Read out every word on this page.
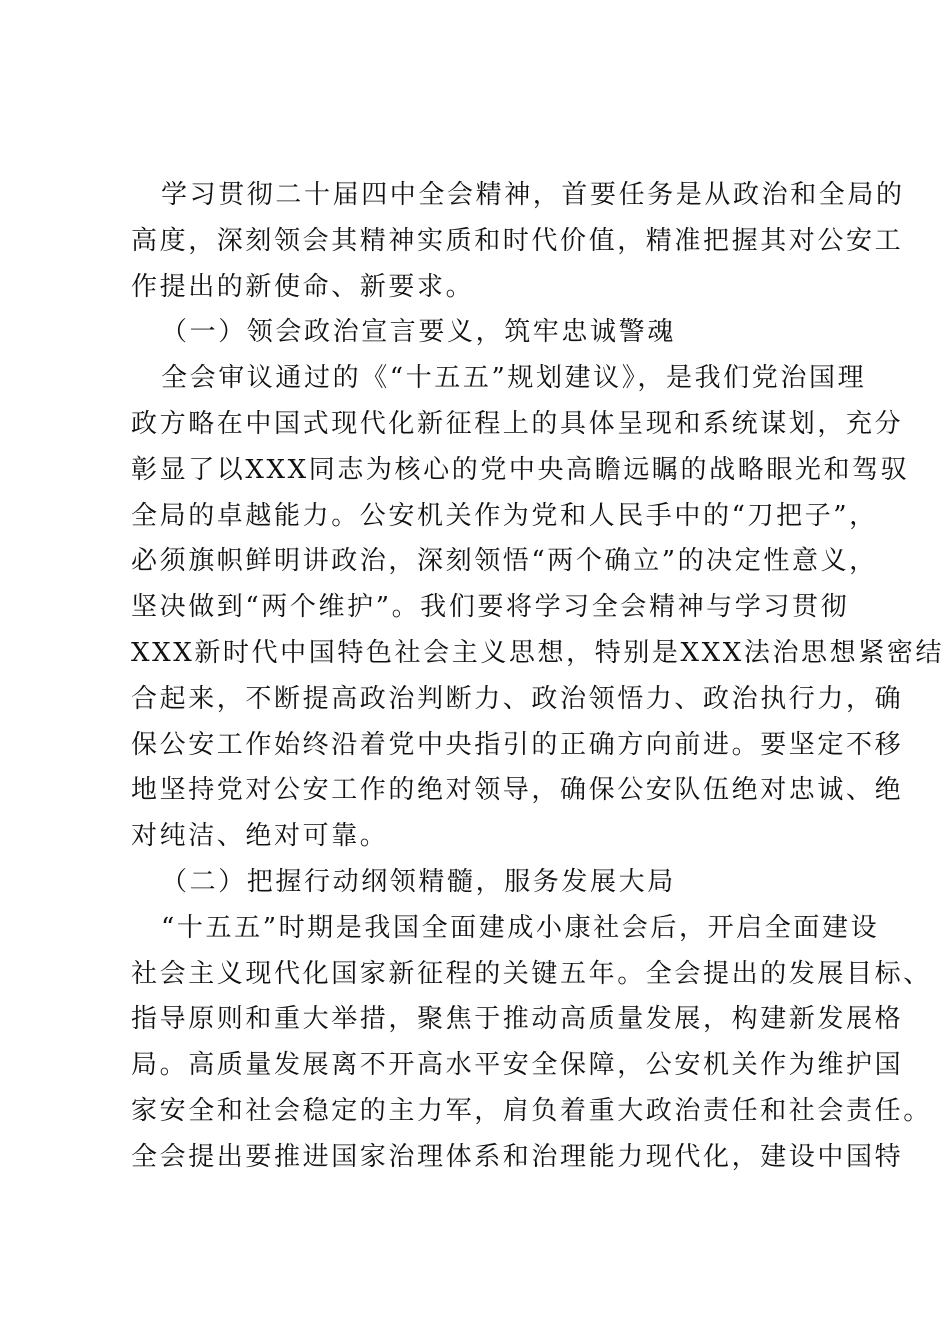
学习贯彻二十届四中全会精神，首要任务是从政治和全局的
高度，深刻领会其精神实质和时代价值，精准把握其对公安工
作提出的新使命、新要求。
（一）领会政治宣言要义，筑牢忠诚警魂
全会审议通过的《“十五五”规划建议》，是我们党治国理
政方略在中国式现代化新征程上的具体呈现和系统谋划，充分
彰显了以XXX同志为核心的党中央高瞻远瞩的战略眼光和驾驭
全局的卓越能力。公安机关作为党和人民手中的“刀把子”，
必须旗帜鲜明讲政治，深刻领悟“两个确立”的决定性意义，
坚决做到“两个维护”。我们要将学习全会精神与学习贯彻
XXX新时代中国特色社会主义思想，特别是XXX法治思想紧密结
合起来，不断提高政治判断力、政治领悟力、政治执行力，确
保公安工作始终沿着党中央指引的正确方向前进。要坚定不移
地坚持党对公安工作的绝对领导，确保公安队伍绝对忠诚、绝
对纯洁、绝对可靠。
（二）把握行动纲领精髓，服务发展大局
“十五五”时期是我国全面建成小康社会后，开启全面建设
社会主义现代化国家新征程的关键五年。全会提出的发展目标、
指导原则和重大举措，聚焦于推动高质量发展，构建新发展格
局。高质量发展离不开高水平安全保障，公安机关作为维护国
家安全和社会稳定的主力军，肩负着重大政治责任和社会责任。
全会提出要推进国家治理体系和治理能力现代化，建设中国特
